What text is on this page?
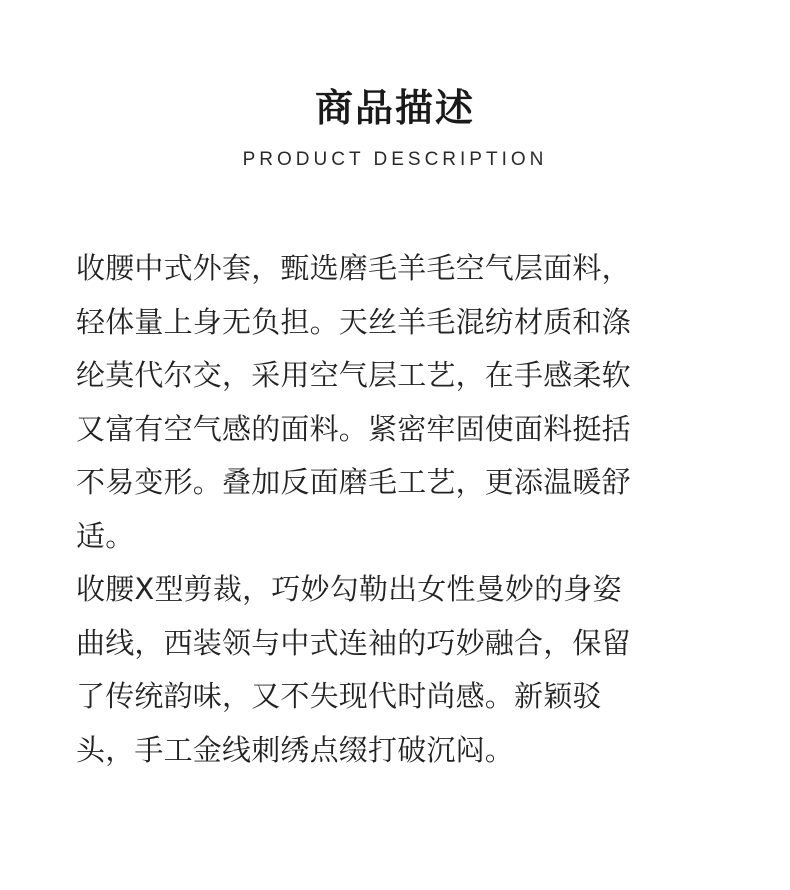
商品描述
PRODUCT DESCRIPTION
收腰中式外套，甄选磨毛羊毛空气层面料，
轻体量上身无负担。天丝羊毛混纺材质和涤
纶莫代尔交，采用空气层工艺，在手感柔软
又富有空气感的面料。紧密牢固使面料挺括
不易变形。叠加反面磨毛工艺，更添温暖舒
适。
收腰X型剪裁，巧妙勾勒出女性曼妙的身姿
曲线，西装领与中式连袖的巧妙融合，保留
了传统韵味，又不失现代时尚感。新颖驳
头，手工金线刺绣点缀打破沉闷。
